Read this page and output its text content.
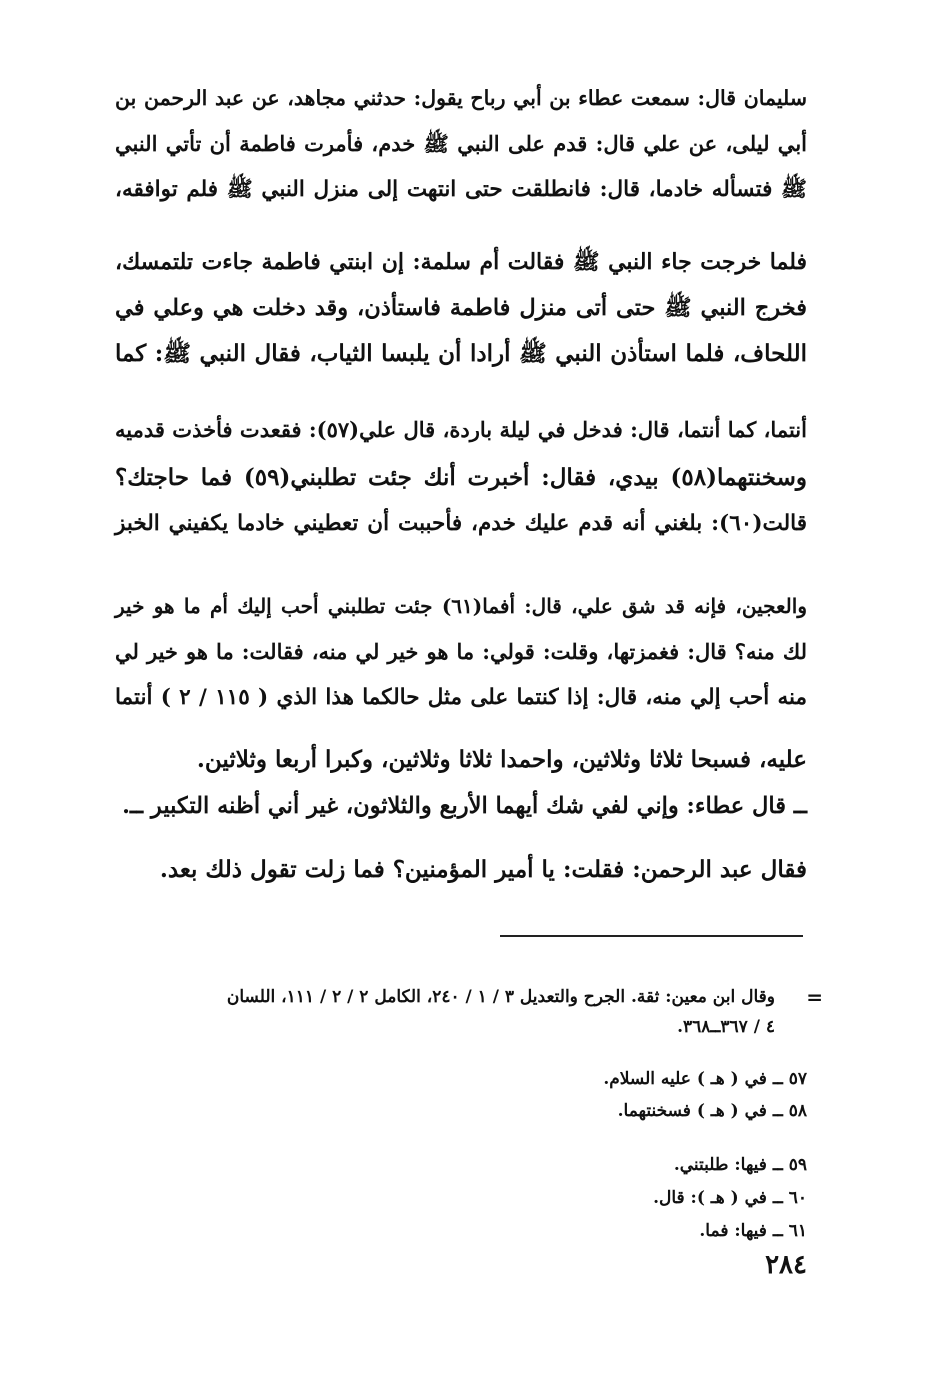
سليمان قال: سمعت عطاء بن أبي رباح يقول: حدثني مجاهد، عن عبد الرحمن بن
أبي ليلى، عن علي قال: قدم على النبي ﷺ خدم، فأمرت فاطمة أن تأتي النبي
ﷺ فتسأله خادما، قال: فانطلقت حتى انتهت إلى منزل النبي ﷺ فلم توافقه،
فلما خرجت جاء النبي ﷺ فقالت أم سلمة: إن ابنتي فاطمة جاءت تلتمسك،
فخرج النبي ﷺ حتى أتى منزل فاطمة فاستأذن، وقد دخلت هي وعلي في
اللحاف، فلما استأذن النبي ﷺ أرادا أن يلبسا الثياب، فقال النبي ﷺ: كما
أنتما، كما أنتما، قال: فدخل في ليلة باردة، قال علي(٥٧): فقعدت فأخذت قدميه
وسخنتهما(٥٨) بيدي، فقال: أخبرت أنك جئت تطلبني(٥٩) فما حاجتك؟
قالت(٦٠): بلغني أنه قدم عليك خدم، فأحببت أن تعطيني خادما يكفيني الخبز
والعجين، فإنه قد شق علي، قال: أفما(٦١) جئت تطلبني أحب إليك أم ما هو خير
لك منه؟ قال: فغمزتها، وقلت: قولي: ما هو خير لي منه، فقالت: ما هو خير لي
منه أحب إلي منه، قال: إذا كنتما على مثل حالكما هذا الذي ( ١١٥ / ٢ ) أنتما
عليه، فسبحا ثلاثا وثلاثين، واحمدا ثلاثا وثلاثين، وكبرا أربعا وثلاثين.
ــ قال عطاء: وإني لفي شك أيهما الأربع والثلاثون، غير أني أظنه التكبير ــ.
فقال عبد الرحمن: فقلت: يا أمير المؤمنين؟ فما زلت تقول ذلك بعد.
=
وقال ابن معين: ثقة. الجرح والتعديل ٣ / ١ / ٢٤٠، الكامل ٢ / ٢ / ١١١، اللسان
٤ / ٣٦٧ــ٣٦٨.
٥٧ ــ في ( هـ ) عليه السلام.
٥٨ ــ في ( هـ ) فسخنتهما.
٥٩ ــ فيها: طلبتني.
٦٠ ــ في ( هـ ): قال.
٦١ ــ فيها: فما.
٢٨٤
